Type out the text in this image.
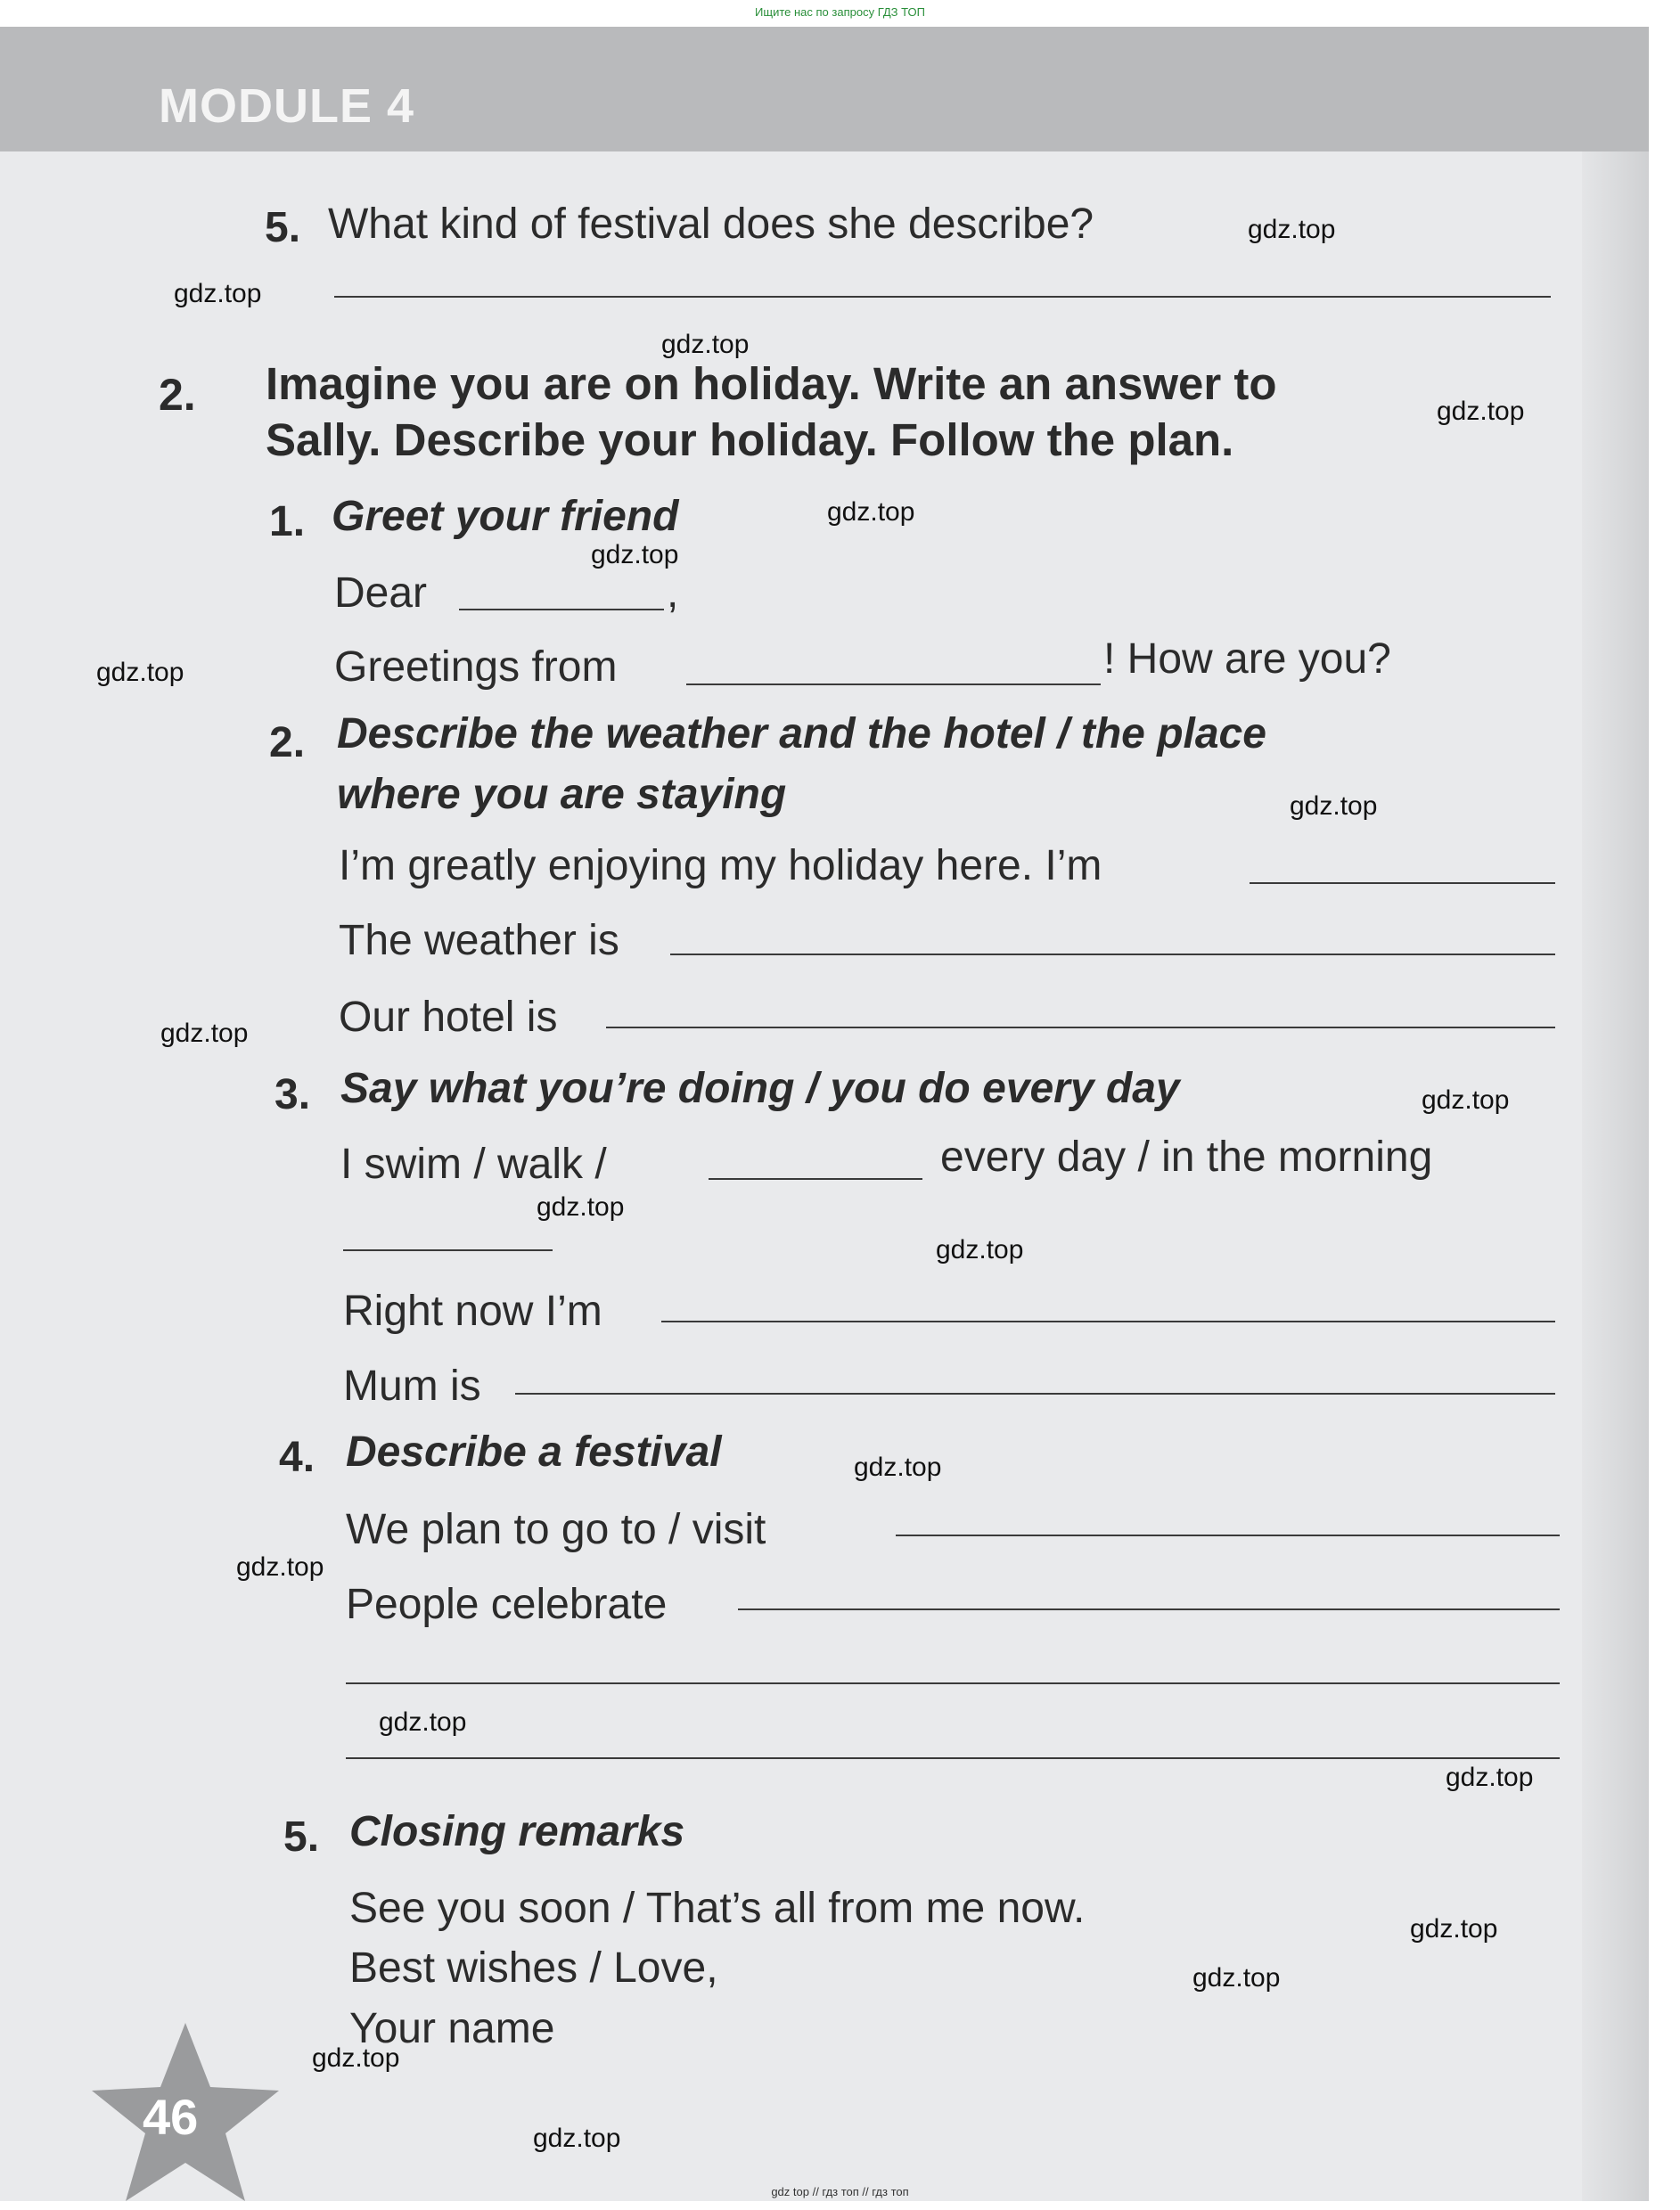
Ищите нас по запросу ГДЗ ТОП
MODULE 4
5. What kind of festival does she describe?
2. Imagine you are on holiday. Write an answer to
Sally. Describe your holiday. Follow the plan.
1. Greet your friend
Dear	,
Greetings from	! How are you?
2. Describe the weather and the hotel / the place
where you are staying
I’m greatly enjoying my holiday here. I’m
The weather is
Our hotel is
3. Say what you’re doing / you do every day
I swim / walk /	every day / in the morning
Right now I’m
Mum is
4. Describe a festival
We plan to go to / visit
People celebrate
5. Closing remarks
See you soon / That’s all from me now.
Best wishes / Love,
Your name
46
gdz.top
gdz.top
gdz.top
gdz.top
gdz.top
gdz.top
gdz.top
gdz.top
gdz.top
gdz.top
gdz.top
gdz.top
gdz.top
gdz.top
gdz.top
gdz.top
gdz.top
gdz.top
gdz.top
gdz.top
gdz top // гдз топ // гдз топ
